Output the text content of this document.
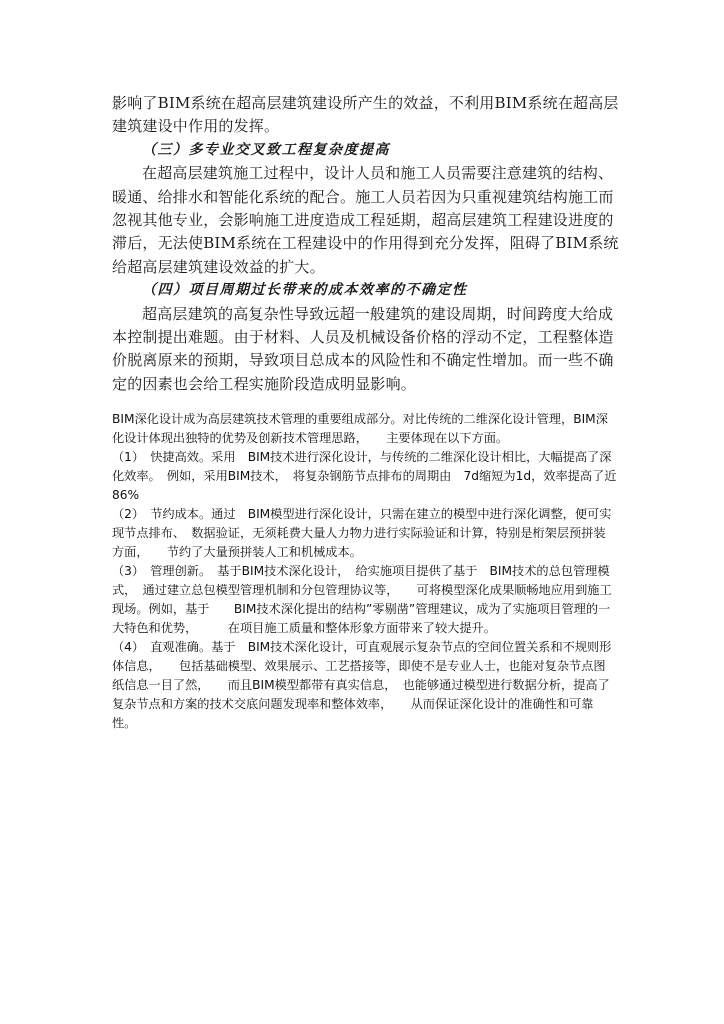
影响了BIM系统在超高层建筑建设所产生的效益，不利用BIM系统在超高层建筑建设中作用的发挥。

（三）多专业交叉致工程复杂度提高

在超高层建筑施工过程中，设计人员和施工人员需要注意建筑的结构、暖通、给排水和智能化系统的配合。施工人员若因为只重视建筑结构施工而忽视其他专业，会影响施工进度造成工程延期，超高层建筑工程建设进度的滞后，无法使BIM系统在工程建设中的作用得到充分发挥，阻碍了BIM系统给超高层建筑建设效益的扩大。

（四）项目周期过长带来的成本效率的不确定性

超高层建筑的高复杂性导致远超一般建筑的建设周期，时间跨度大给成本控制提出难题。由于材料、人员及机械设备价格的浮动不定，工程整体造价脱离原来的预期，导致项目总成本的风险性和不确定性增加。而一些不确定的因素也会给工程实施阶段造成明显影响。

BIM深化设计成为高层建筑技术管理的重要组成部分。对比传统的二维深化设计管理，BIM深化设计体现出独特的优势及创新技术管理思路，　　主要体现在以下方面。

（1）　快捷高效。采用　BIM技术进行深化设计，与传统的二维深化设计相比，大幅提高了深化效率。　例如，采用BIM技术，　将复杂钢筋节点排布的周期由　7d缩短为1d，效率提高了近　86%

（2）　节约成本。通过　BIM模型进行深化设计，只需在建立的模型中进行深化调整，便可实现节点排布、　数据验证，无须耗费大量人力物力进行实际验证和计算，特别是桁架层预拼装方面，　　节约了大量预拼装人工和机械成本。

（3）　管理创新。　基于BIM技术深化设计，　给实施项目提供了基于　BIM技术的总包管理模式，　通过建立总包模型管理机制和分包管理协议等，　　可将模型深化成果顺畅地应用到施工现场。例如，基于　　BIM技术深化提出的结构”零剔凿”管理建议，成为了实施项目管理的一大特色和优势，　　　在项目施工质量和整体形象方面带来了较大提升。

（4）　直观准确。基于　BIM技术深化设计，可直观展示复杂节点的空间位置关系和不规则形体信息，　　包括基础模型、效果展示、工艺搭接等，即使不是专业人士，也能对复杂节点图纸信息一目了然，　　而且BIM模型都带有真实信息，　也能够通过模型进行数据分析，提高了

复杂节点和方案的技术交底问题发现率和整体效率，　　从而保证深化设计的准确性和可靠性。
